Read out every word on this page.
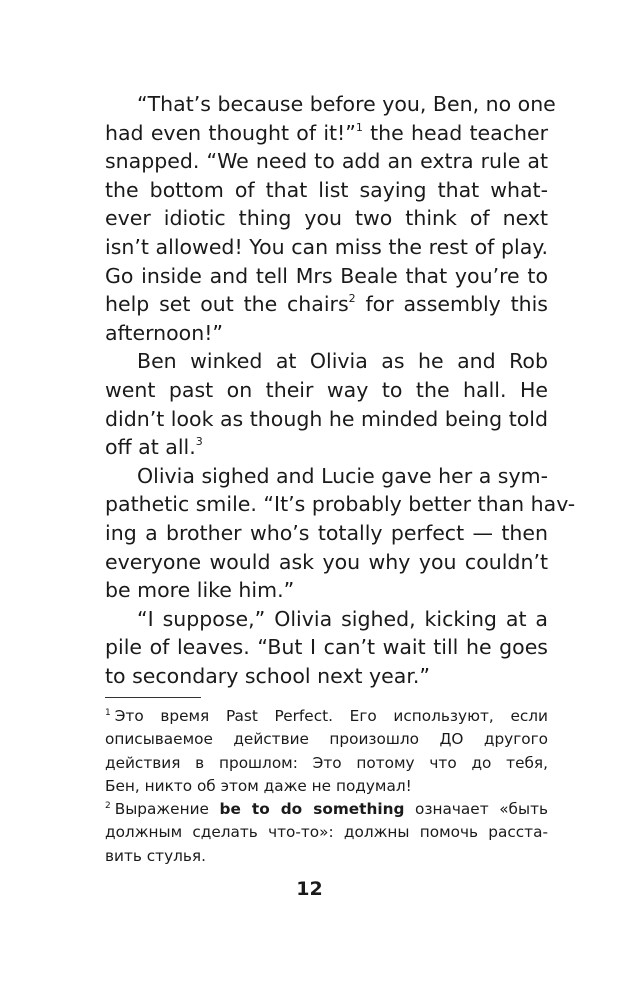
“That’s because before you, Ben, no one
had even thought of it!”$^1$ the head teacher
snapped. “We need to add an extra rule at
the bottom of that list saying that what-
ever idiotic thing you two think of next
isn’t allowed! You can miss the rest of play.
Go inside and tell Mrs Beale that you’re to
help set out the chairs$^2$ for assembly this
afternoon!”
Ben winked at Olivia as he and Rob
went past on their way to the hall. He
didn’t look as though he minded being told
off at all.$^3$
Olivia sighed and Lucie gave her a sym-
pathetic smile. “It’s probably better than hav-
ing a brother who’s totally perfect — then
everyone would ask you why you couldn’t
be more like him.”
“I suppose,” Olivia sighed, kicking at a
pile of leaves. “But I can’t wait till he goes
to secondary school next year.”
$^1$ Это время Past Perfect. Его используют, если
описываемое действие произошло ДО другого
действия в прошлом: Это потому что до тебя,
Бен, никто об этом даже не подумал!
$^2$ Выражение be to do something означает «быть
должным сделать что-то»: должны помочь расста-
вить стулья.
12
